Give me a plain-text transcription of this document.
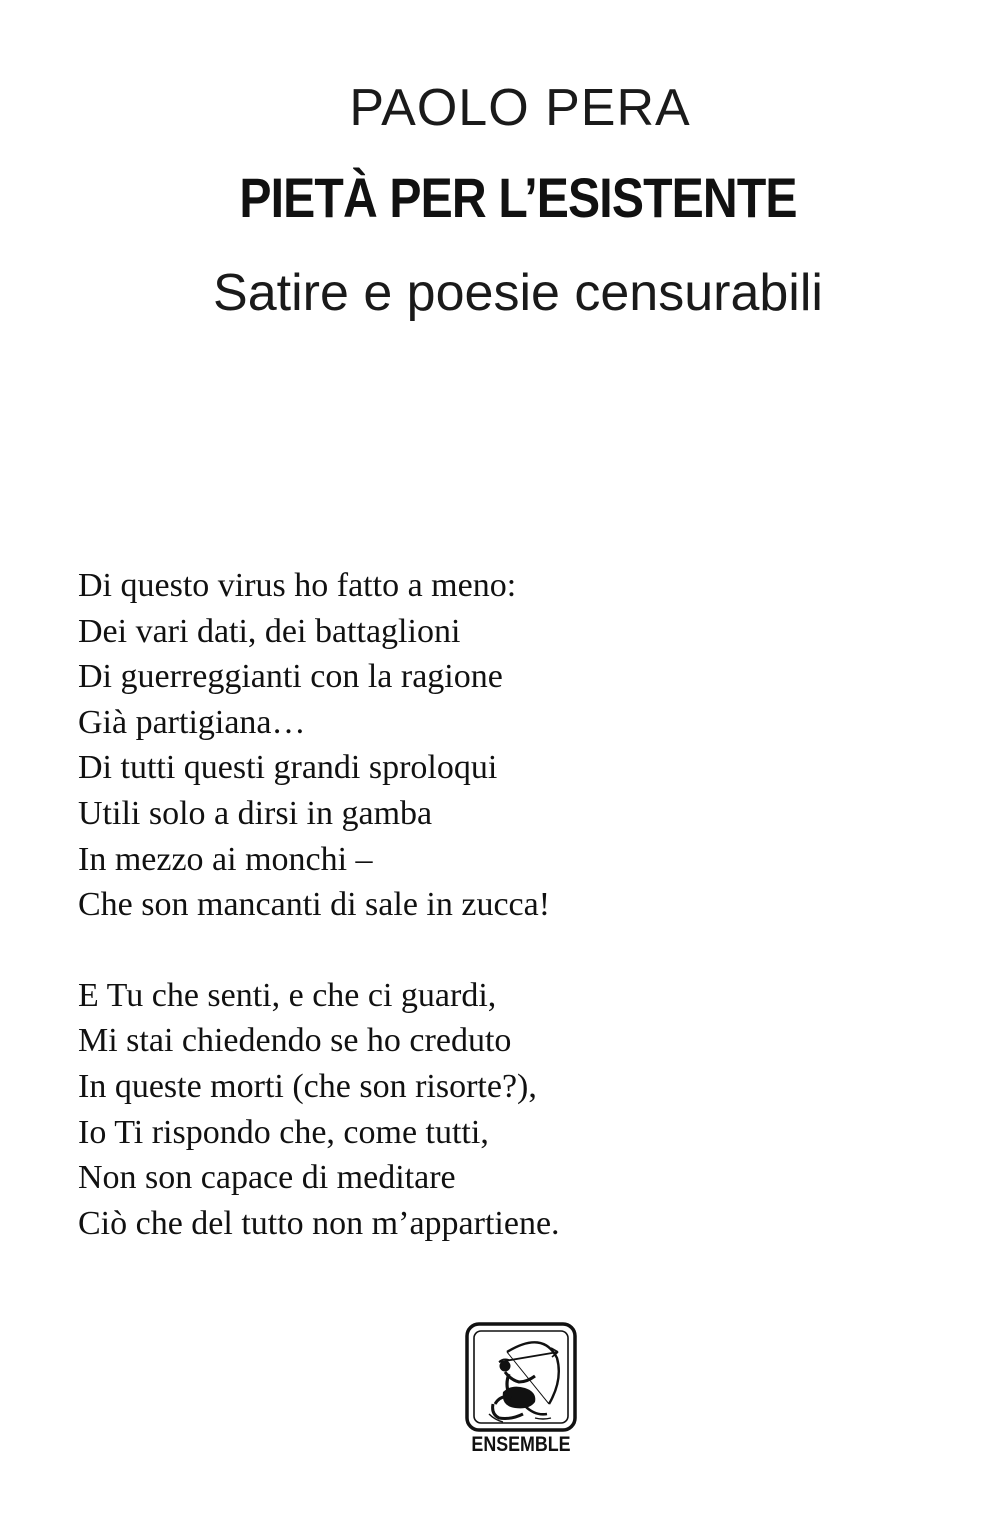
PAOLO PERA
PIETÀ PER L’ESISTENTE
Satire e poesie censurabili

Di questo virus ho fatto a meno:
Dei vari dati, dei battaglioni
Di guerreggianti con la ragione
Già partigiana…
Di tutti questi grandi sproloqui
Utili solo a dirsi in gamba
In mezzo ai monchi –
Che son mancanti di sale in zucca!

E Tu che senti, e che ci guardi,
Mi stai chiedendo se ho creduto
In queste morti (che son risorte?),
Io Ti rispondo che, come tutti,
Non son capace di meditare
Ciò che del tutto non m’appartiene.

ENSEMBLE
